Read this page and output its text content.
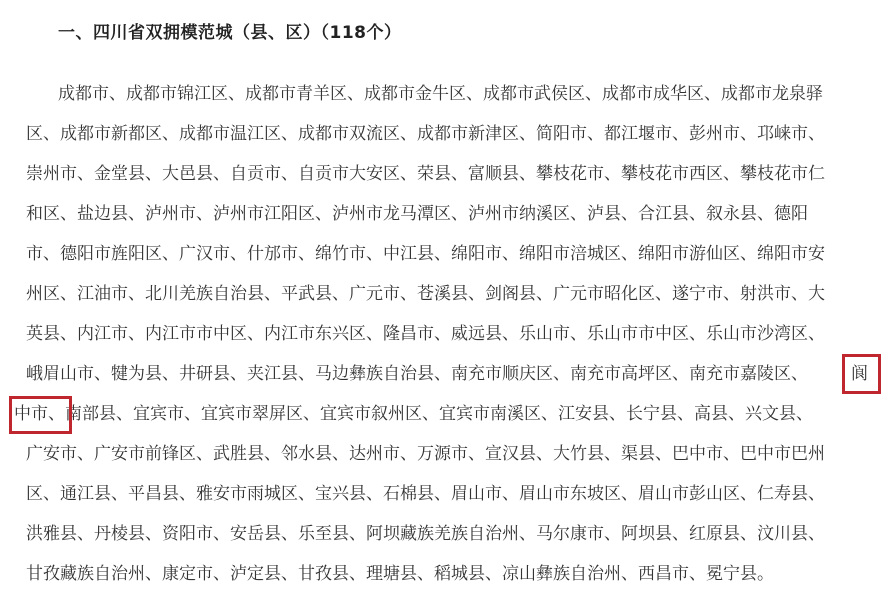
一、四川省双拥模范城（县、区）（118个）
成都市、成都市锦江区、成都市青羊区、成都市金牛区、成都市武侯区、成都市成华区、成都市龙泉驿
区、成都市新都区、成都市温江区、成都市双流区、成都市新津区、简阳市、都江堰市、彭州市、邛崃市、
崇州市、金堂县、大邑县、自贡市、自贡市大安区、荣县、富顺县、攀枝花市、攀枝花市西区、攀枝花市仁
和区、盐边县、泸州市、泸州市江阳区、泸州市龙马潭区、泸州市纳溪区、泸县、合江县、叙永县、德阳
市、德阳市旌阳区、广汉市、什邡市、绵竹市、中江县、绵阳市、绵阳市涪城区、绵阳市游仙区、绵阳市安
州区、江油市、北川羌族自治县、平武县、广元市、苍溪县、剑阁县、广元市昭化区、遂宁市、射洪市、大
英县、内江市、内江市市中区、内江市东兴区、隆昌市、威远县、乐山市、乐山市市中区、乐山市沙湾区、
峨眉山市、犍为县、井研县、夹江县、马边彝族自治县、南充市顺庆区、南充市高坪区、南充市嘉陵区、	阆
中市 、南部县、宜宾市、宜宾市翠屏区、宜宾市叙州区、宜宾市南溪区、江安县、长宁县、高县、兴文县、
广安市、广安市前锋区、武胜县、邻水县、达州市、万源市、宣汉县、大竹县、渠县、巴中市、巴中市巴州
区、通江县、平昌县、雅安市雨城区、宝兴县、石棉县、眉山市、眉山市东坡区、眉山市彭山区、仁寿县、
洪雅县、丹棱县、资阳市、安岳县、乐至县、阿坝藏族羌族自治州、马尔康市、阿坝县、红原县、汶川县、
甘孜藏族自治州、康定市、泸定县、甘孜县、理塘县、稻城县、凉山彝族自治州、西昌市、冕宁县。
